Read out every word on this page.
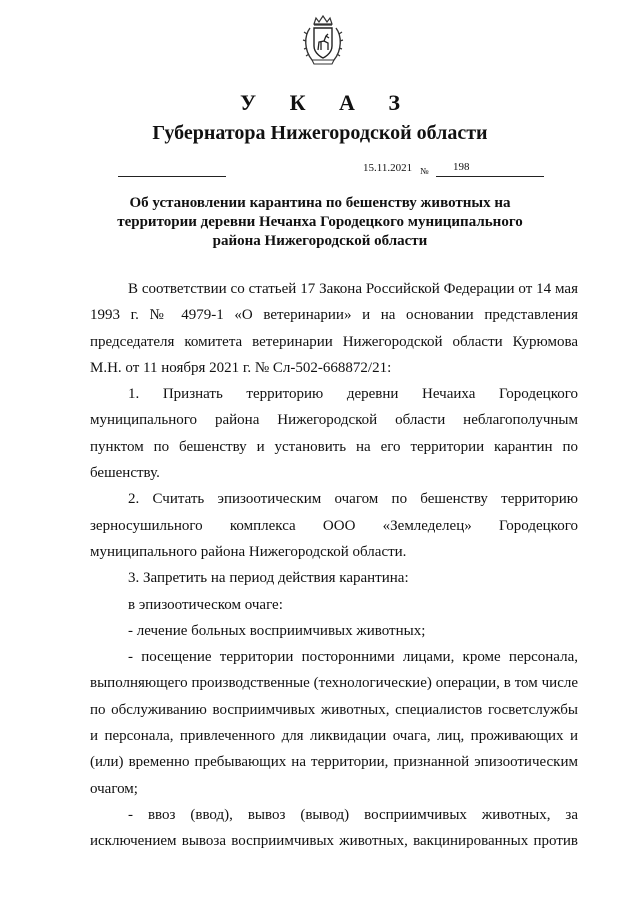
У К А З
Губернатора Нижегородской области
15.11.2021 № 198
Об установлении карантина по бешенству животных на
территории деревни Нечанха Городецкого муниципального
района Нижегородской области

В соответствии со статьей 17 Закона Российской Федерации от 14 мая 1993 г. № 4979-1 «О ветеринарии» и на основании представления председателя комитета ветеринарии Нижегородской области Курюмова М.Н. от 11 ноября 2021 г. № Сл-502-668872/21:

1. Признать территорию деревни Нечаиха Городецкого муниципального района Нижегородской области неблагополучным пунктом по бешенству и установить на его территории карантин по бешенству.

2. Считать эпизоотическим очагом по бешенству территорию зерносушильного комплекса ООО «Земледелец» Городецкого муниципального района Нижегородской области.

3. Запретить на период действия карантина:

в эпизоотическом очаге:

- лечение больных восприимчивых животных;

- посещение территории посторонними лицами, кроме персонала, выполняющего производственные (технологические) операции, в том числе по обслуживанию восприимчивых животных, специалистов госветслужбы и персонала, привлеченного для ликвидации очага, лиц, проживающих и (или) временно пребывающих на территории, признанной эпизоотическим очагом;

- ввоз (ввод), вывоз (вывод) восприимчивых животных, за исключением вывоза восприимчивых животных, вакцинированных против
